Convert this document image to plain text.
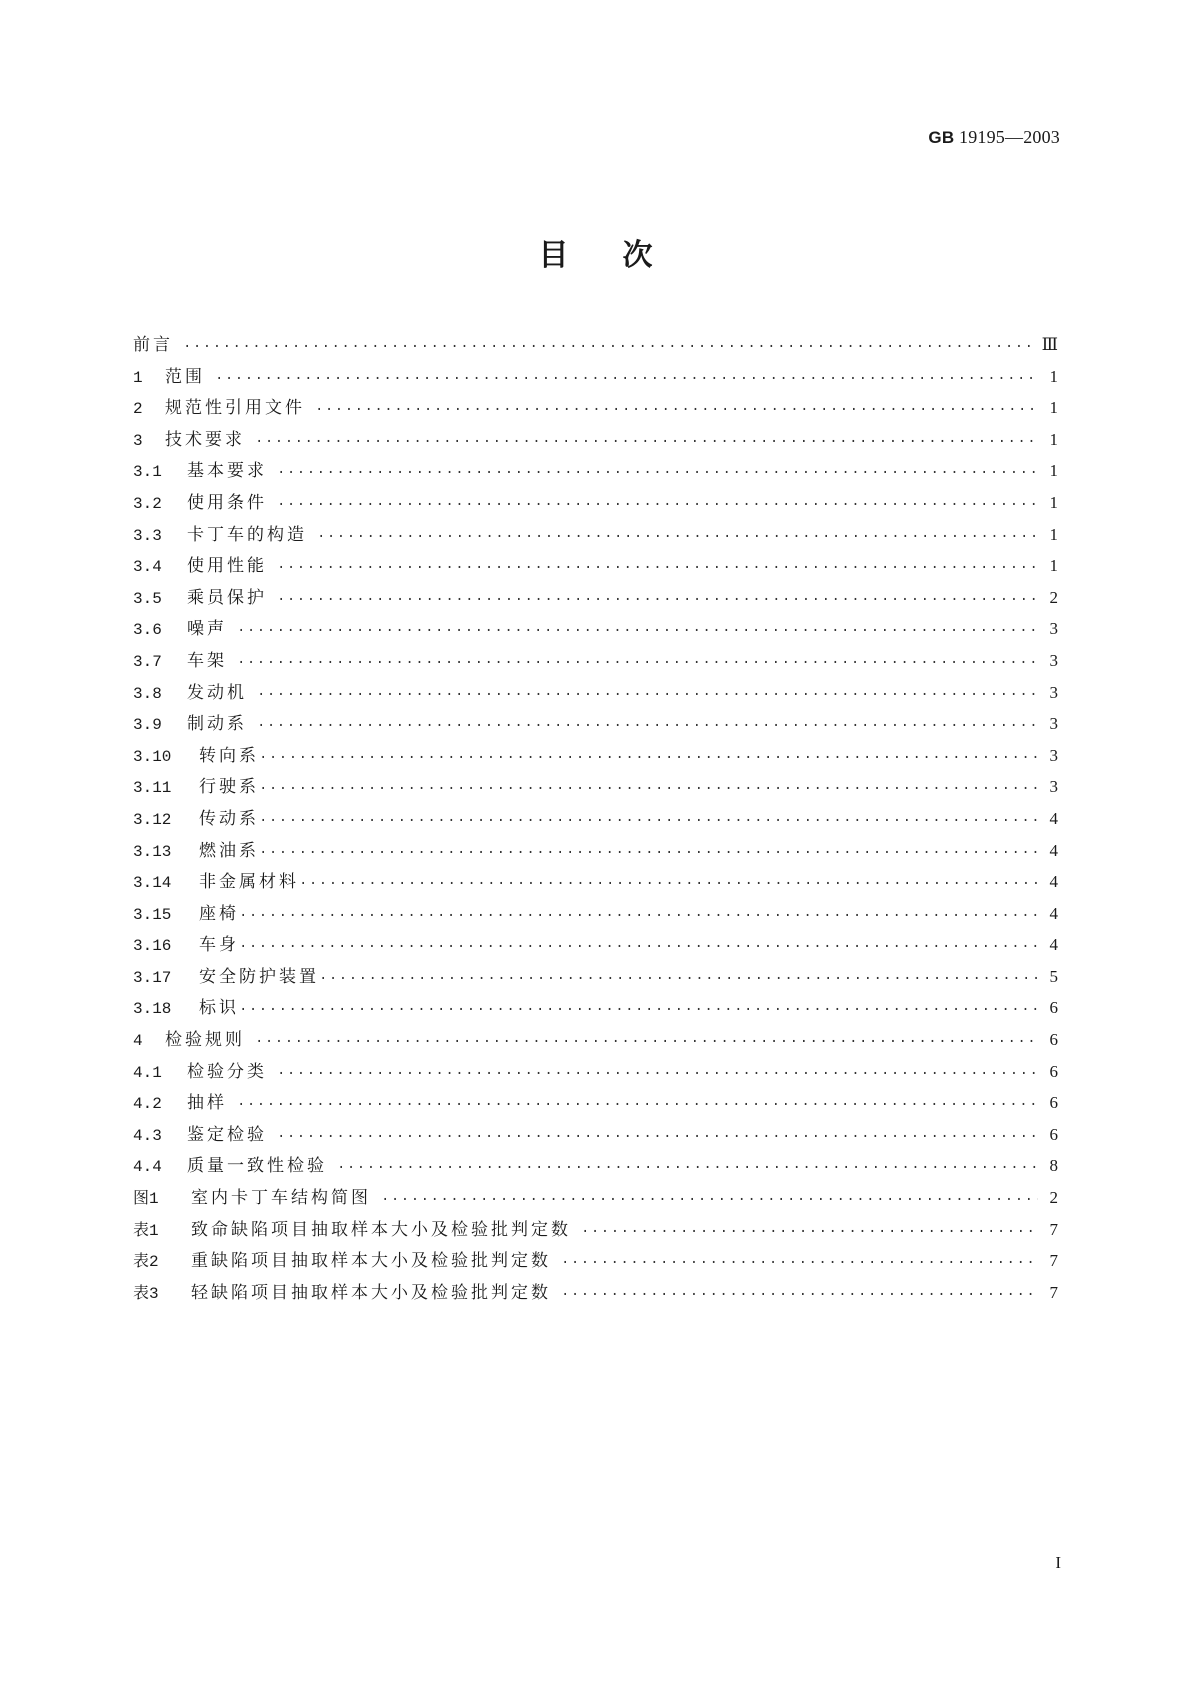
GB 19195—2003
目次
前言 ·····	Ⅲ
1	范围 ·····	1
2	规范性引用文件 ·····	1
3	技术要求 ·····	1
3.1	基本要求 ·····	1
3.2	使用条件 ·····	1
3.3	卡丁车的构造 ·····	1
3.4	使用性能 ·····	1
3.5	乘员保护 ·····	2
3.6	噪声 ·····	3
3.7	车架 ·····	3
3.8	发动机 ·····	3
3.9	制动系 ·····	3
3.10	转向系 ·····	3
3.11	行驶系 ·····	3
3.12	传动系 ·····	4
3.13	燃油系 ·····	4
3.14	非金属材料 ·····	4
3.15	座椅 ·····	4
3.16	车身 ·····	4
3.17	安全防护装置 ·····	5
3.18	标识 ·····	6
4	检验规则 ·····	6
4.1	检验分类 ·····	6
4.2	抽样 ·····	6
4.3	鉴定检验 ·····	6
4.4	质量一致性检验 ·····	8
图1	室内卡丁车结构简图 ·····	2
表1	致命缺陷项目抽取样本大小及检验批判定数 ·····	7
表2	重缺陷项目抽取样本大小及检验批判定数 ·····	7
表3	轻缺陷项目抽取样本大小及检验批判定数 ·····	7
I
